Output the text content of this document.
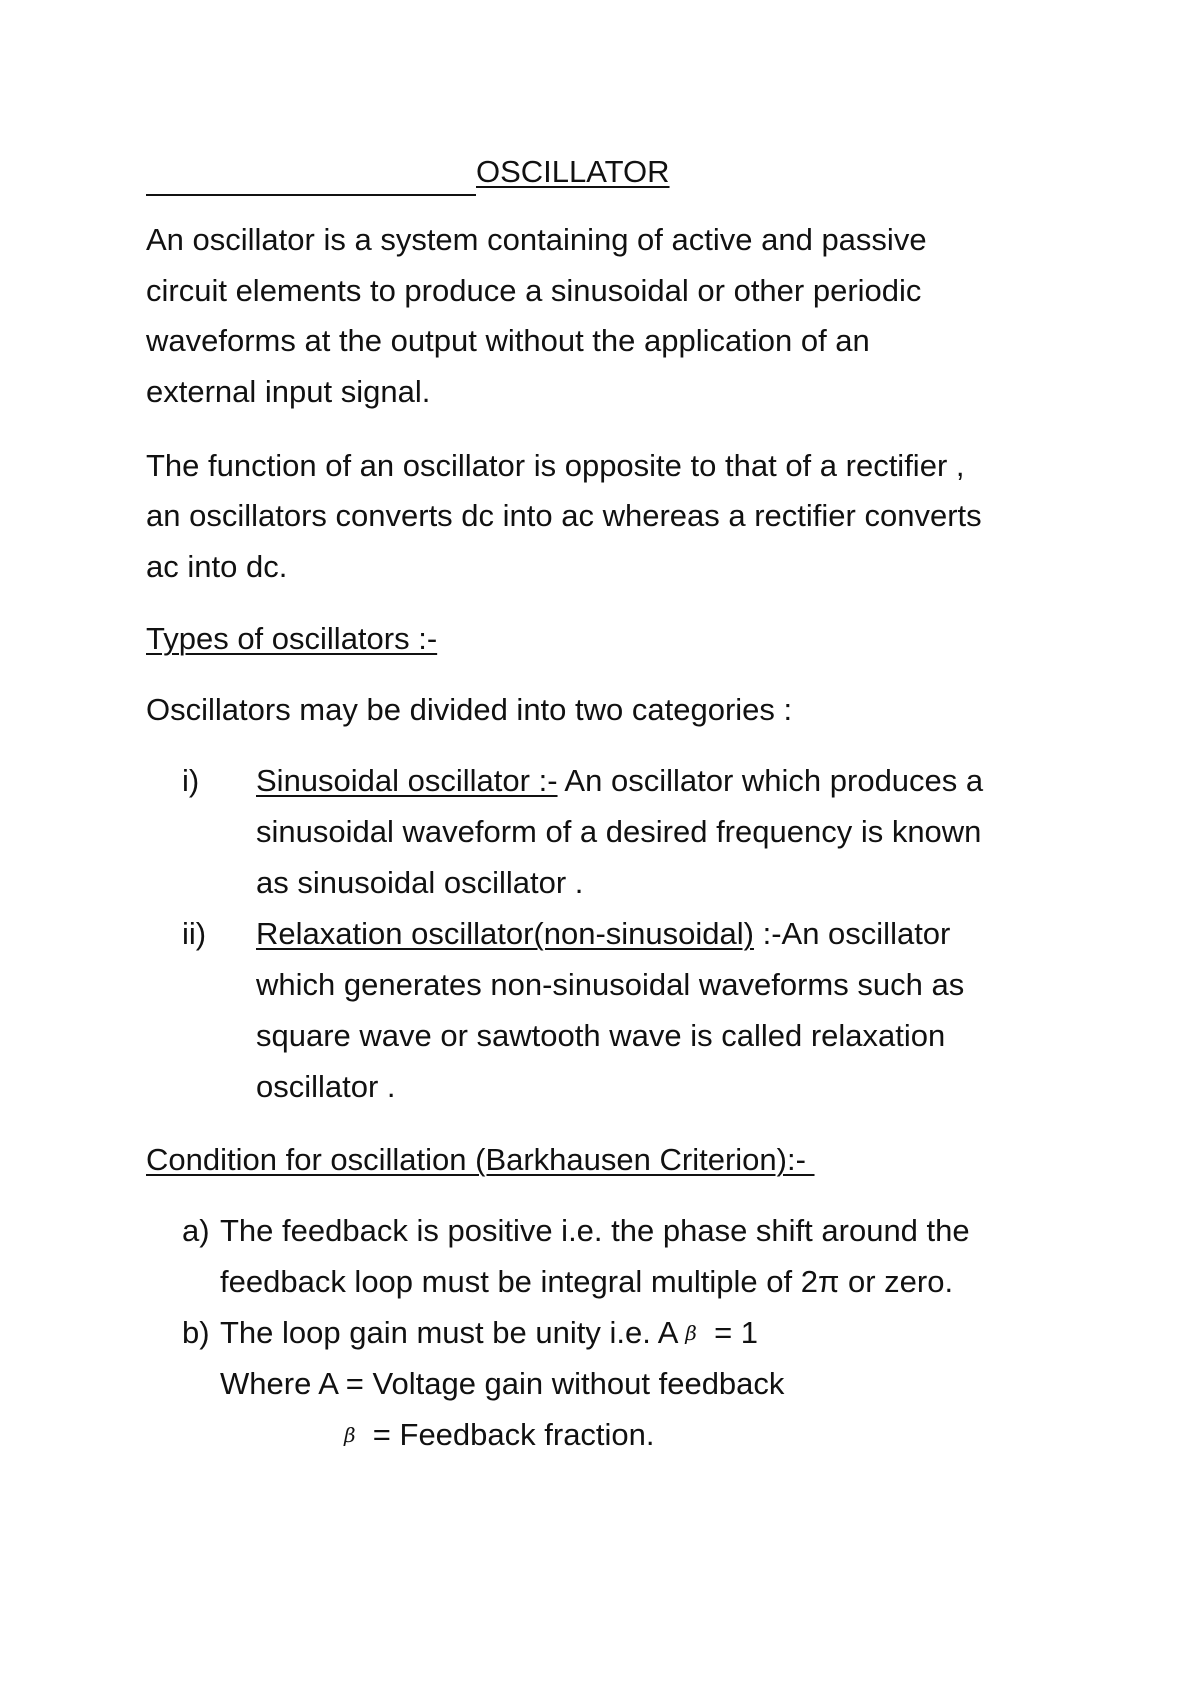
OSCILLATOR
An oscillator is a system containing of active and passive
circuit elements to produce a sinusoidal or other periodic
waveforms at the output without the application of an
external input signal.
The function of an oscillator is opposite to that of a rectifier ,
an oscillators converts dc into ac whereas a rectifier converts
ac into dc.
Types of oscillators :-
Oscillators may be divided into two categories :
i) Sinusoidal oscillator :- An oscillator which produces a
sinusoidal waveform of a desired frequency is known
as sinusoidal oscillator .
ii) Relaxation oscillator(non-sinusoidal) :-An oscillator
which generates non-sinusoidal waveforms such as
square wave or sawtooth wave is called relaxation
oscillator .
Condition for oscillation (Barkhausen Criterion):-
a) The feedback is positive i.e. the phase shift around the
feedback loop must be integral multiple of 2π or zero.
b) The loop gain must be unity i.e. A β  = 1
Where A = Voltage gain without feedback
β  = Feedback fraction.
